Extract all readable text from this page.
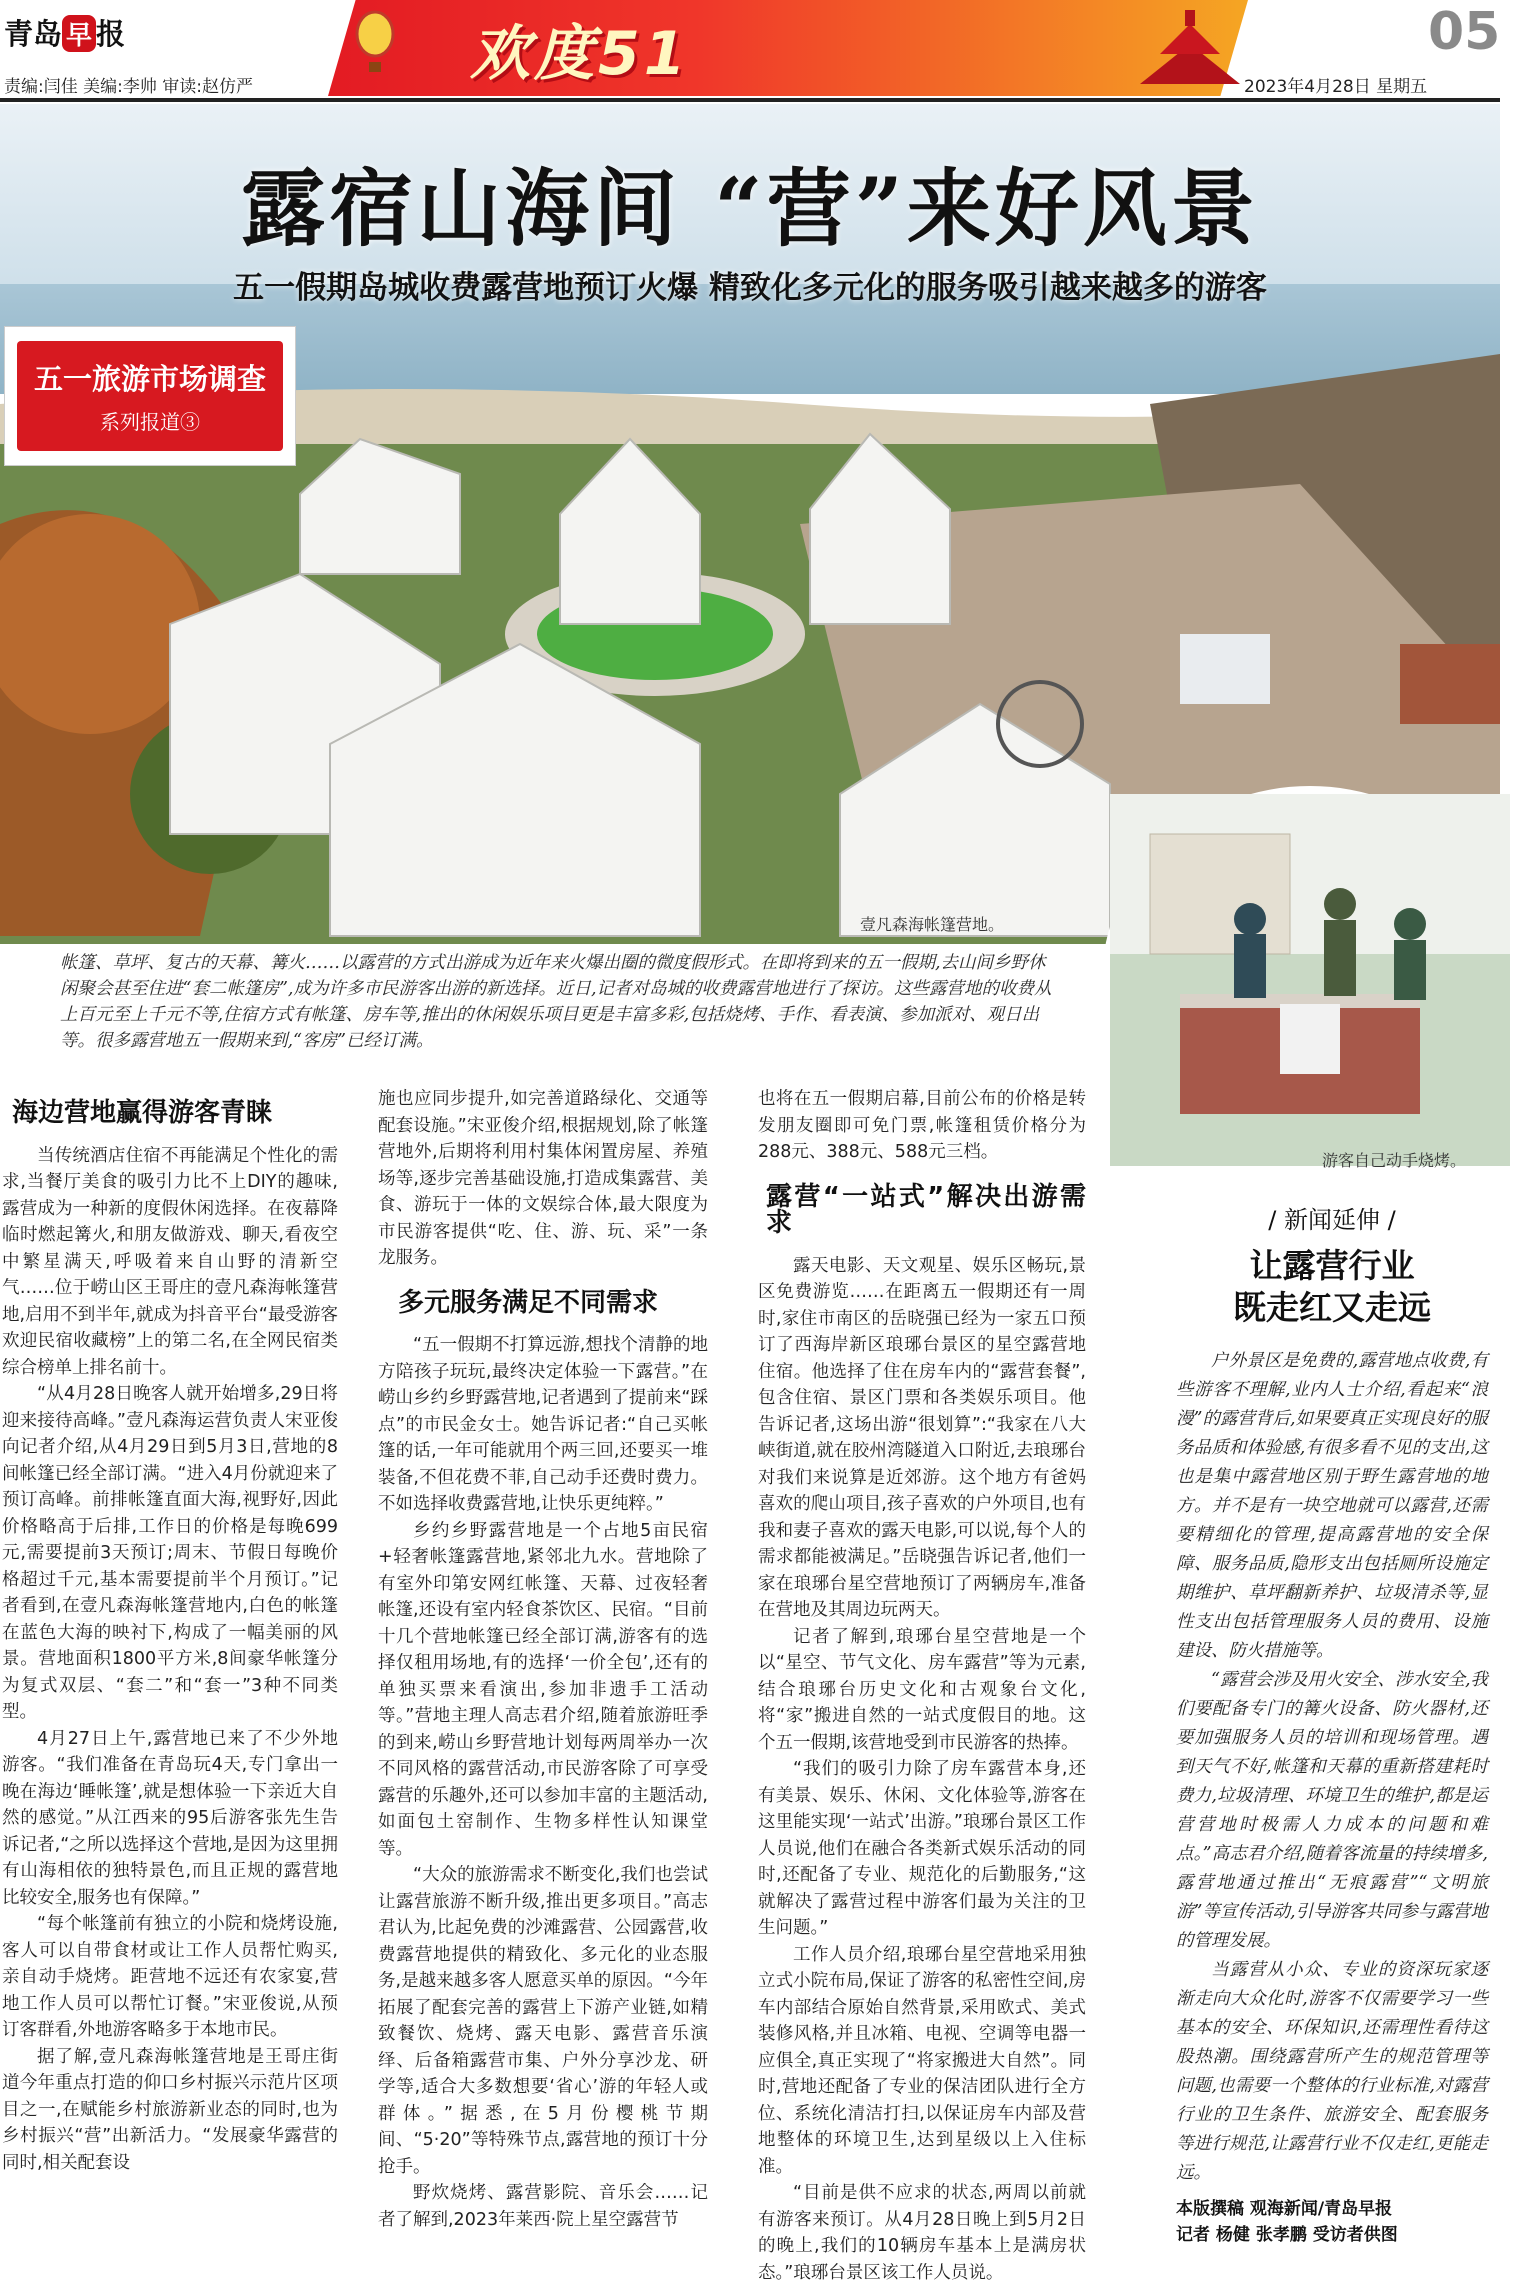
青岛 早 报
责编:闫佳 美编:李帅 审读:赵仿严	欢度51	05
2023年4月28日 星期五
露宿山海间 “营”来好风景
五一假期岛城收费露营地预订火爆 精致化多元化的服务吸引越来越多的游客
五一旅游市场调查
系列报道③
壹凡森海帐篷营地。
游客自己动手烧烤。
帐篷、草坪、复古的天幕、篝火……以露营的方式出游成为近年来火爆出圈的微度假形式。在即将到来的五一假期,去山间乡野休闲聚会甚至住进“套二帐篷房”,成为许多市民游客出游的新选择。近日,记者对岛城的收费露营地进行了探访。这些露营地的收费从上百元至上千元不等,住宿方式有帐篷、房车等,推出的休闲娱乐项目更是丰富多彩,包括烧烤、手作、看表演、参加派对、观日出等。很多露营地五一假期来到,“客房”已经订满。
海边营地赢得游客青睐

当传统酒店住宿不再能满足个性化的需求,当餐厅美食的吸引力比不上DIY的趣味,露营成为一种新的度假休闲选择。在夜幕降临时燃起篝火,和朋友做游戏、聊天,看夜空中繁星满天,呼吸着来自山野的清新空气……位于崂山区王哥庄的壹凡森海帐篷营地,启用不到半年,就成为抖音平台“最受游客欢迎民宿收藏榜”上的第二名,在全网民宿类综合榜单上排名前十。

“从4月28日晚客人就开始增多,29日将迎来接待高峰。”壹凡森海运营负责人宋亚俊向记者介绍,从4月29日到5月3日,营地的8间帐篷已经全部订满。“进入4月份就迎来了预订高峰。前排帐篷直面大海,视野好,因此价格略高于后排,工作日的价格是每晚699元,需要提前3天预订;周末、节假日每晚价格超过千元,基本需要提前半个月预订。”记者看到,在壹凡森海帐篷营地内,白色的帐篷在蓝色大海的映衬下,构成了一幅美丽的风景。营地面积1800平方米,8间豪华帐篷分为复式双层、“套二”和“套一”3种不同类型。

4月27日上午,露营地已来了不少外地游客。“我们准备在青岛玩4天,专门拿出一晚在海边‘睡帐篷’,就是想体验一下亲近大自然的感觉。”从江西来的95后游客张先生告诉记者,“之所以选择这个营地,是因为这里拥有山海相依的独特景色,而且正规的露营地比较安全,服务也有保障。”

“每个帐篷前有独立的小院和烧烤设施,客人可以自带食材或让工作人员帮忙购买,亲自动手烧烤。距营地不远还有农家宴,营地工作人员可以帮忙订餐。”宋亚俊说,从预订客群看,外地游客略多于本地市民。

据了解,壹凡森海帐篷营地是王哥庄街道今年重点打造的仰口乡村振兴示范片区项目之一,在赋能乡村旅游新业态的同时,也为乡村振兴“营”出新活力。“发展豪华露营的同时,相关配套设

施也应同步提升,如完善道路绿化、交通等配套设施。”宋亚俊介绍,根据规划,除了帐篷营地外,后期将利用村集体闲置房屋、养殖场等,逐步完善基础设施,打造成集露营、美食、游玩于一体的文娱综合体,最大限度为市民游客提供“吃、住、游、玩、采”一条龙服务。

多元服务满足不同需求

“五一假期不打算远游,想找个清静的地方陪孩子玩玩,最终决定体验一下露营。”在崂山乡约乡野露营地,记者遇到了提前来“踩点”的市民金女士。她告诉记者:“自己买帐篷的话,一年可能就用个两三回,还要买一堆装备,不但花费不菲,自己动手还费时费力。不如选择收费露营地,让快乐更纯粹。”

乡约乡野露营地是一个占地5亩民宿+轻奢帐篷露营地,紧邻北九水。营地除了有室外印第安网红帐篷、天幕、过夜轻奢帐篷,还设有室内轻食茶饮区、民宿。“目前十几个营地帐篷已经全部订满,游客有的选择仅租用场地,有的选择‘一价全包’,还有的单独买票来看演出,参加非遗手工活动等。”营地主理人高志君介绍,随着旅游旺季的到来,崂山乡野营地计划每两周举办一次不同风格的露营活动,市民游客除了可享受露营的乐趣外,还可以参加丰富的主题活动,如面包土窑制作、生物多样性认知课堂等。

“大众的旅游需求不断变化,我们也尝试让露营旅游不断升级,推出更多项目。”高志君认为,比起免费的沙滩露营、公园露营,收费露营地提供的精致化、多元化的业态服务,是越来越多客人愿意买单的原因。“今年拓展了配套完善的露营上下游产业链,如精致餐饮、烧烤、露天电影、露营音乐演绎、后备箱露营市集、户外分享沙龙、研学等,适合大多数想要‘省心’游的年轻人或群体。”据悉,在5月份樱桃节期间、“5·20”等特殊节点,露营地的预订十分抢手。

野炊烧烤、露营影院、音乐会……记者了解到,2023年莱西·院上星空露营节

也将在五一假期启幕,目前公布的价格是转发朋友圈即可免门票,帐篷租赁价格分为288元、388元、588元三档。

露营“一站式”解决出游需求

露天电影、天文观星、娱乐区畅玩,景区免费游览……在距离五一假期还有一周时,家住市南区的岳晓强已经为一家五口预订了西海岸新区琅琊台景区的星空露营地住宿。他选择了住在房车内的“露营套餐”,包含住宿、景区门票和各类娱乐项目。他告诉记者,这场出游“很划算”:“我家在八大峡街道,就在胶州湾隧道入口附近,去琅琊台对我们来说算是近郊游。这个地方有爸妈喜欢的爬山项目,孩子喜欢的户外项目,也有我和妻子喜欢的露天电影,可以说,每个人的需求都能被满足。”岳晓强告诉记者,他们一家在琅琊台星空营地预订了两辆房车,准备在营地及其周边玩两天。

记者了解到,琅琊台星空营地是一个以“星空、节气文化、房车露营”等为元素,结合琅琊台历史文化和古观象台文化,将“家”搬进自然的一站式度假目的地。这个五一假期,该营地受到市民游客的热捧。

“我们的吸引力除了房车露营本身,还有美景、娱乐、休闲、文化体验等,游客在这里能实现‘一站式’出游。”琅琊台景区工作人员说,他们在融合各类新式娱乐活动的同时,还配备了专业、规范化的后勤服务,“这就解决了露营过程中游客们最为关注的卫生问题。”

工作人员介绍,琅琊台星空营地采用独立式小院布局,保证了游客的私密性空间,房车内部结合原始自然背景,采用欧式、美式装修风格,并且冰箱、电视、空调等电器一应俱全,真正实现了“将家搬进大自然”。同时,营地还配备了专业的保洁团队进行全方位、系统化清洁打扫,以保证房车内部及营地整体的环境卫生,达到星级以上入住标准。

“目前是供不应求的状态,两周以前就有游客来预订。从4月28日晚上到5月2日的晚上,我们的10辆房车基本上是满房状态。”琅琊台景区该工作人员说。

/ 新闻延伸 /
让露营行业
既走红又走远

户外景区是免费的,露营地点收费,有些游客不理解,业内人士介绍,看起来“浪漫”的露营背后,如果要真正实现良好的服务品质和体验感,有很多看不见的支出,这也是集中露营地区别于野生露营地的地方。并不是有一块空地就可以露营,还需要精细化的管理,提高露营地的安全保障、服务品质,隐形支出包括厕所设施定期维护、草坪翻新养护、垃圾清杀等,显性支出包括管理服务人员的费用、设施建设、防火措施等。

“露营会涉及用火安全、涉水安全,我们要配备专门的篝火设备、防火器材,还要加强服务人员的培训和现场管理。遇到天气不好,帐篷和天幕的重新搭建耗时费力,垃圾清理、环境卫生的维护,都是运营营地时极需人力成本的问题和难点。”高志君介绍,随着客流量的持续增多,露营地通过推出“无痕露营”“文明旅游”等宣传活动,引导游客共同参与露营地的管理发展。

当露营从小众、专业的资深玩家逐渐走向大众化时,游客不仅需要学习一些基本的安全、环保知识,还需理性看待这股热潮。围绕露营所产生的规范管理等问题,也需要一个整体的行业标准,对露营行业的卫生条件、旅游安全、配套服务等进行规范,让露营行业不仅走红,更能走远。

本版撰稿 观海新闻/青岛早报
记者 杨健 张孝鹏 受访者供图
